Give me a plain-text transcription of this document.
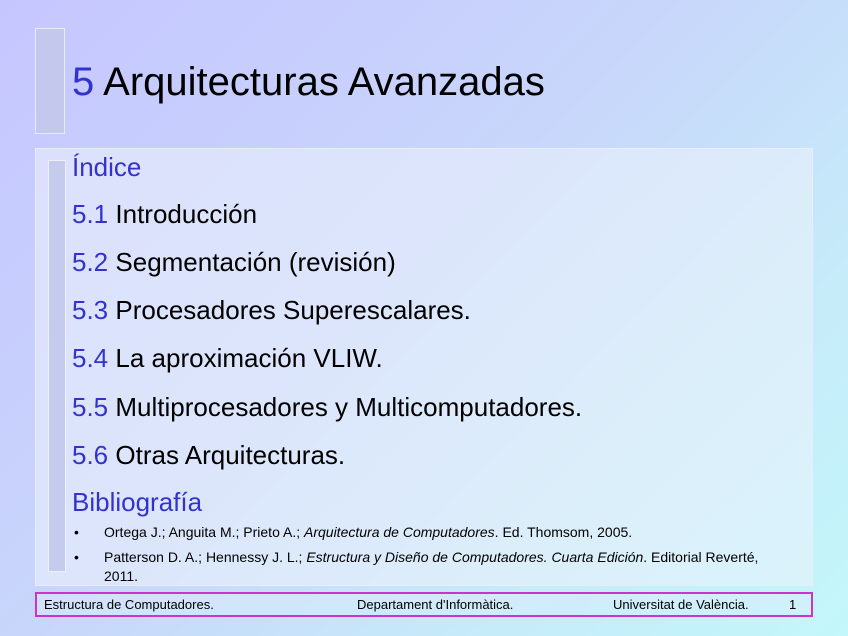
5 Arquitecturas Avanzadas
Índice
5.1 Introducción
5.2 Segmentación (revisión)
5.3 Procesadores Superescalares.
5.4 La aproximación VLIW.
5.5 Multiprocesadores y Multicomputadores.
5.6 Otras Arquitecturas.
Bibliografía
• Ortega J.; Anguita M.; Prieto A.; Arquitectura de Computadores. Ed. Thomsom, 2005.
• Patterson D. A.; Hennessy J. L.; Estructura y Diseño de Computadores. Cuarta Edición. Editorial Reverté, 2011.
Estructura de Computadores.	Departament d'Informàtica.	Universitat de València.	1
